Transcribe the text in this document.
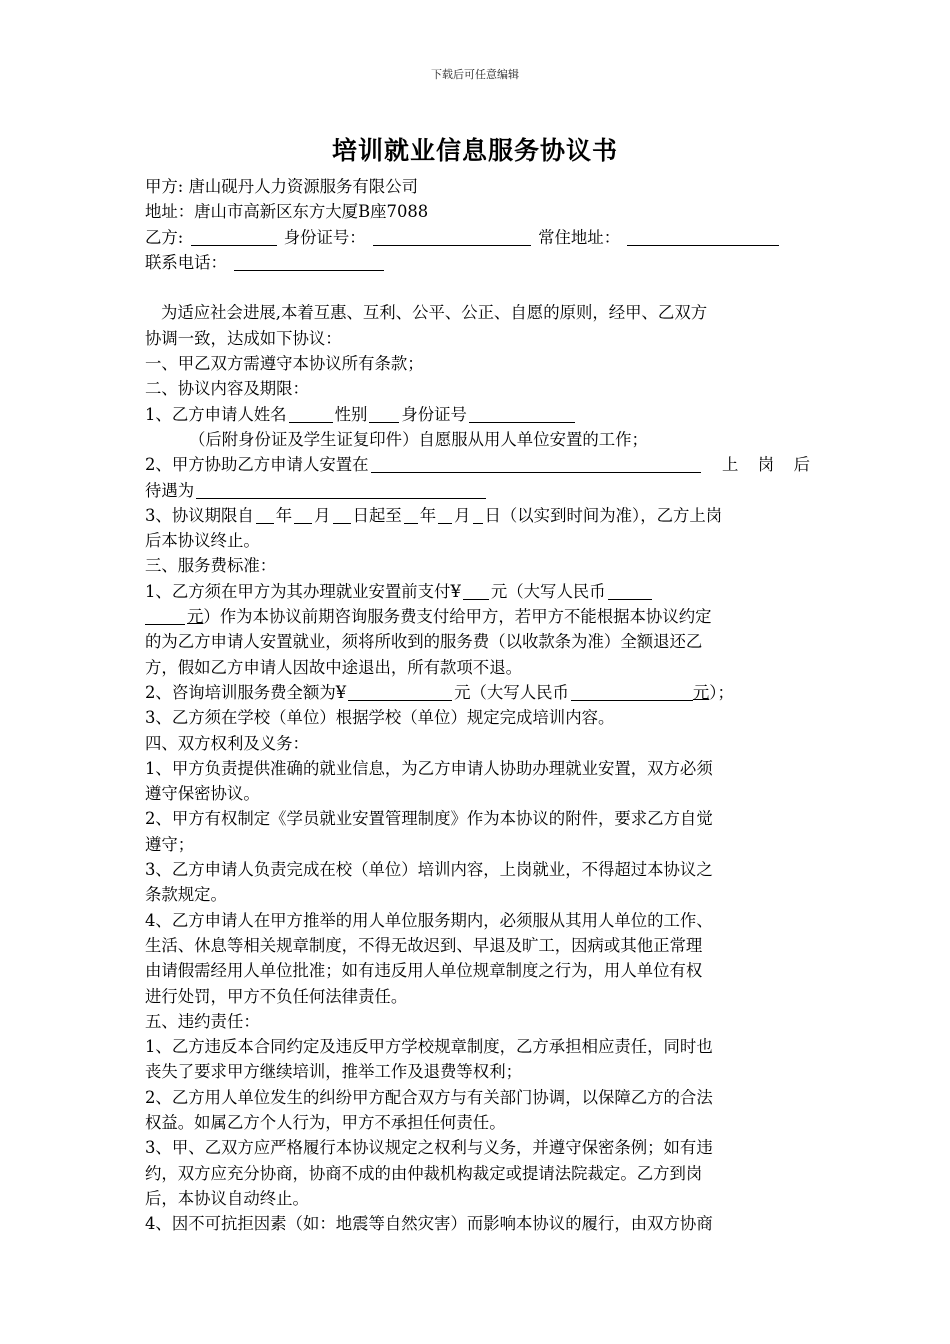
下载后可任意编辑
培训就业信息服务协议书
甲方: 唐山砚丹人力资源服务有限公司
地址：唐山市高新区东方大厦B座7088
乙方:	身份证号：	常住地址：
联系电话：
为适应社会进展,本着互惠、互利、公平、公正、自愿的原则，经甲、乙双方
协调一致，达成如下协议：
一、甲乙双方需遵守本协议所有条款；
二、协议内容及期限：
1、乙方申请人姓名	性别 身份证号
（后附身份证及学生证复印件）自愿服从用人单位安置的工作；
2、甲方协助乙方申请人安置在	上 岗 后
待遇为
3、协议期限自 年 月 日起至 年 月 日（以实到时间为准），乙方上岗
后本协议终止。
三、服务费标准：
1、乙方须在甲方为其办理就业安置前支付¥ 元（大写人民币
元）作为本协议前期咨询服务费支付给甲方，若甲方不能根据本协议约定
的为乙方申请人安置就业，须将所收到的服务费（以收款条为准）全额退还乙
方，假如乙方申请人因故中途退出，所有款项不退。
2、咨询培训服务费全额为¥	元（大写人民币	元）；
3、乙方须在学校（单位）根据学校（单位）规定完成培训内容。
四、双方权利及义务：
1、甲方负责提供准确的就业信息，为乙方申请人协助办理就业安置，双方必须
遵守保密协议。
2、甲方有权制定《学员就业安置管理制度》作为本协议的附件，要求乙方自觉
遵守；
3、乙方申请人负责完成在校（单位）培训内容，上岗就业，不得超过本协议之
条款规定。
4、乙方申请人在甲方推举的用人单位服务期内，必须服从其用人单位的工作、
生活、休息等相关规章制度，不得无故迟到、早退及旷工，因病或其他正常理
由请假需经用人单位批准；如有违反用人单位规章制度之行为，用人单位有权
进行处罚，甲方不负任何法律责任。
五、违约责任：
1、乙方违反本合同约定及违反甲方学校规章制度，乙方承担相应责任，同时也
丧失了要求甲方继续培训，推举工作及退费等权利；
2、乙方用人单位发生的纠纷甲方配合双方与有关部门协调，以保障乙方的合法
权益。如属乙方个人行为，甲方不承担任何责任。
3、甲、乙双方应严格履行本协议规定之权利与义务，并遵守保密条例；如有违
约，双方应充分协商，协商不成的由仲裁机构裁定或提请法院裁定。乙方到岗
后，本协议自动终止。
4、因不可抗拒因素（如：地震等自然灾害）而影响本协议的履行，由双方协商
